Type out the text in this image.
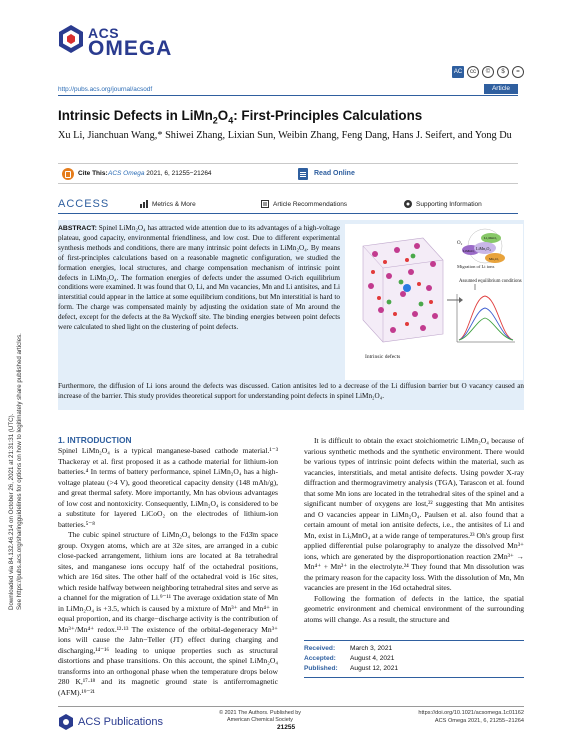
Downloaded via 84.132.46.214 on October 26, 2021 at 21:31:31 (UTC). See https://pubs.acs.org/sharingguidelines for options on how to legitimately share published articles.
ACS
OMEGA
AC	cc	©	$	=
http://pubs.acs.org/journal/acsodf	Article
Intrinsic Defects in $LiMn_2O_4$: First-Principles Calculations
Xu Li, Jianchuan Wang,* Shiwei Zhang, Lixian Sun, Weibin Zhang, Feng Dang, Hans J. Seifert, and Yong Du
Cite This: ACS Omega 2021, 6, 21255−21264	Read Online
ACCESS	Metrics & More	Article Recommendations	Supporting Information
ABSTRACT: Spinel LiMn₂O₄ has attracted wide attention due to its advantages of a high-voltage plateau, good capacity, environmental friendliness, and low cost. Due to different experimental synthesis methods and conditions, there are many intrinsic point defects in LiMn₂O₄. By means of first-principles calculations based on a reasonable magnetic configuration, we studied the formation energies, local structures, and charge compensation mechanism of intrinsic point defects in LiMn₂O₄. The formation energies of defects under the assumed O-rich equilibrium conditions were examined. It was found that O, Li, and Mn vacancies, Mn and Li antisites, and Li interstitial could appear in the lattice at some equilibrium conditions, but Mn interstitial is hard to form. The charge was compensated mainly by adjusting the oxidation state of Mn around the defect, except for the defects at the 8a Wyckoff site. The binding energies between point defects were calculated to shed light on the clustering of point defects.
Furthermore, the diffusion of Li ions around the defects was discussed. Cation antisites led to a decrease of the Li diffusion barrier but O vacancy caused an increase of the barrier. This study provides theoretical support for understanding point defects in spinel LiMn₂O₄.
Intrinsic defects
O₂
LiMn₂O₄
Li₂MnO₃
LiMnO₂
Mn₂O₃
Assumed equilibrium conditions
Migration of Li ions
1. INTRODUCTION

Spinel LiMn₂O₄ is a typical manganese-based cathode material.¹⁻³ Thackeray et al. first proposed it as a cathode material for lithium-ion batteries.⁴ In terms of battery performance, spinel LiMn₂O₄ has a high-voltage plateau (>4 V), good theoretical capacity density (148 mAh/g), and great thermal safety. More importantly, Mn has obvious advantages of low cost and nontoxicity. Consequently, LiMn₂O₄ is considered to be a substitute for layered LiCoO₂ on the electrodes of lithium-ion batteries.⁵⁻⁸

The cubic spinel structure of LiMn₂O₄ belongs to the Fd3̄m space group. Oxygen atoms, which are at 32e sites, are arranged in a cubic close-packed arrangement, lithium ions are located at 8a tetrahedral sites, and manganese ions occupy half of the octahedral positions, which are 16d sites. The other half of the octahedral void is 16c sites, which reside halfway between neighboring tetrahedral sites and serve as a channel for the migration of Li.⁹⁻¹¹ The average oxidation state of Mn in LiMn₂O₄ is +3.5, which is caused by a mixture of Mn³⁺ and Mn⁴⁺ in equal proportion, and its charge−discharge activity is the contribution of Mn³⁺/Mn⁴⁺ redox.¹²·¹³ The existence of the orbital-degeneracy Mn³⁺ ions will cause the Jahn−Teller (JT) effect during charging and discharging,¹⁴⁻¹⁶ leading to unique properties such as structural distortions and phase transitions. On this account, the spinel LiMn₂O₄ transforms into an orthogonal phase when the temperature drops below 280 K,¹⁷·¹⁸ and its magnetic ground state is antiferromagnetic (AFM).¹⁹⁻²¹

It is difficult to obtain the exact stoichiometric LiMn₂O₄ because of various synthetic methods and the synthetic environment. There would be various types of intrinsic point defects within the material, such as vacancies, interstitials, and metal antisite defects. Using powder X-ray diffraction and thermogravimetry analysis (TGA), Tarascon et al. found that some Mn ions are located in the tetrahedral sites of the spinel and a significant number of oxygens are lost,²² suggesting that Mn antisites and O vacancies appear in LiMn₂O₄. Paulsen et al. also found that a certain amount of metal ion antisite defects, i.e., the antisites of Li and Mn, exist in LiₓMnO₄ at a wide range of temperatures.²³ Oh's group first applied differential pulse polarography to analyze the dissolved Mn³⁺ ions, which are generated by the disproportionation reaction 2Mn³⁺ → Mn⁴⁺ + Mn²⁺ in the electrolyte.²⁴ They found that Mn dissolution was the primary reason for the capacity loss. With the dissolution of Mn, Mn vacancies are present in the 16d octahedral sites.

Following the formation of defects in the lattice, the spatial geometric environment and chemical environment of the surrounding atoms will change. As a result, the structure and

Received: March 3, 2021
Accepted: August 4, 2021
Published: August 12, 2021
ACS Publications
© 2021 The Authors. Published by
American Chemical Society
21255
https://doi.org/10.1021/acsomega.1c01162
ACS Omega 2021, 6, 21255−21264
